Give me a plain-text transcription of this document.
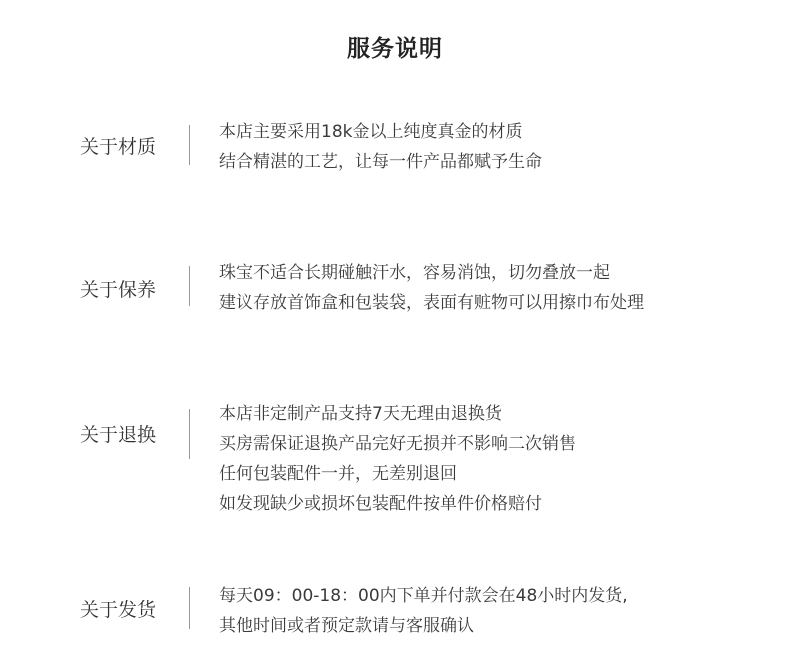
服务说明
关于材质
本店主要采用18k金以上纯度真金的材质
结合精湛的工艺，让每一件产品都赋予生命
关于保养
珠宝不适合长期碰触汗水，容易消蚀，切勿叠放一起
建议存放首饰盒和包装袋，表面有赃物可以用擦巾布处理
关于退换
本店非定制产品支持7天无理由退换货
买房需保证退换产品完好无损并不影响二次销售
任何包装配件一并，无差别退回
如发现缺少或损坏包装配件按单件价格赔付
关于发货
每天09：00-18：00内下单并付款会在48小时内发货,
其他时间或者预定款请与客服确认
